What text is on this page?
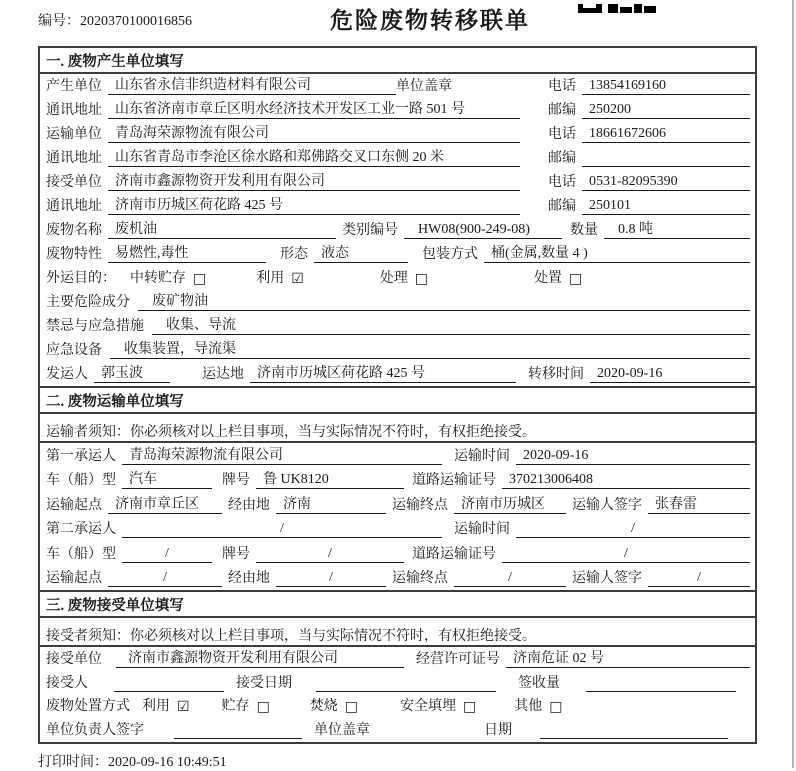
编号：2020370100016856	危险废物转移联单
一. 废物产生单位填写
产生单位 山东省永信非织造材料有限公司	单位盖章	电话 13854169160
通讯地址 山东省济南市章丘区明水经济技术开发区工业一路 501 号	邮编 250200
运输单位 青岛海荣源物流有限公司	电话 18661672606
通讯地址 山东省青岛市李沧区徐水路和郑佛路交叉口东侧 20 米	邮编
接受单位 济南市鑫源物资开发利用有限公司	电话 0531-82095390
通讯地址 济南市历城区荷花路 425 号	邮编 250101
废物名称 废机油	类别编号	HW08(900-249-08)	数量	0.8 吨
废物特性 易燃性,毒性	形态 液态	包装方式 桶(金属,数量 4 )
外运目的： 中转贮存 □	利用 ☑	处理 □	处置 □
主要危险成分	废矿物油
禁忌与应急措施	收集、导流
应急设备	收集装置，导流渠
发运人 郭玉波	运达地 济南市历城区荷花路 425 号	转移时间 2020-09-16
二. 废物运输单位填写
运输者须知：你必须核对以上栏目事项，当与实际情况不符时，有权拒绝接受。
第一承运人 青岛海荣源物流有限公司	运输时间 2020-09-16
车（船）型 汽车	牌号 鲁 UK8120	道路运输证号 370213006408
运输起点 济南市章丘区	经由地 济南	运输终点 济南市历城区	运输人签字 张春雷
第二承运人	/	运输时间	/
车（船）型	/	牌号	/	道路运输证号	/
运输起点	/	经由地	/	运输终点	/	运输人签字	/
三. 废物接受单位填写
接受者须知：你必须核对以上栏目事项，当与实际情况不符时，有权拒绝接受。
接受单位	济南市鑫源物资开发利用有限公司	经营许可证号 济南危证 02 号
接受人	接受日期	签收量
废物处置方式 利用 ☑ 贮存 □	焚烧 □	安全填埋 □	其他 □
单位负责人签字	单位盖章	日期
打印时间：2020-09-16 10:49:51
